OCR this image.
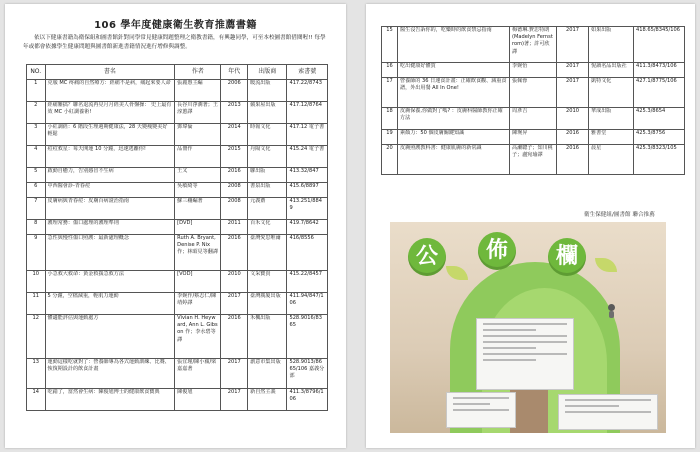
106 學年度健康衛生教育推薦書籍
依以下健康書籍為衛保組和圖書館針對同學常見健康問題整理之衛教書籍，有興趣同學，可至本校圖書館借閱喔!! 每學年或都會依據學生健康問題與圖書館新進書籍情況進行增修與調整。
NO.	書名	作者	年代	出版商	索書號
1	克服 MC 疼痛的自然療方：經痛不是病，痛起來要人命	張麗惠主編	2006	暖流出版	417.22/8743
2	經痛難搞？聯名退流再見月月經美人骨盤操： 史上最有效 MC 小紅調養術!	長谷川淨潤著；王淳蕙譯	2013	蘋果屋出版	417.12/8764
3	小紅調經：6 階段生理週期健康法，28 天變瘦變美好輕鬆	鄧瑋倫	2014	時報文化	417.12 電子書
4	痘痘救星：每天開運 10 分鐘，迅速逃離你!	品冊作	2015	丹陽文化	415.24 電子書
5	啟動自癒力，告別感冒不生病	王又	2016	聯出版	413.32/847
6	中西醫會診-青春痘	吳敏綺等	2008	書泉出版	415.6/8897
7	皮膚病與青春痘：皮膚百病證治指南	蘇三穰編著	2008	元義齋	413.251/8849
8	護理常務：傷口處理的護理準則	[DVD]	2011	百禾文化	419.7/8642
9	急性與慢性傷口照護：最新處理概念	Ruth A. Bryant, Denise P. Nix 作；林昭見等翻譯	2016	臺灣愛思唯爾	416/8556
10	小急救大救命：黃金救援急救方法	[VOD]	2010	文采寶貴	415.22/8457
11	5 分鐘，空檔減重，輕肌力運動	李婉作/蔡志仁/陳靖婷譯	2017	臺灣廣廈出版	411.94/847/106
12	體適能評估與運動處方	Vivian H. Heyward, Ann L. Gibson 作；李水碧等譯	2016	禾楓出版	528.9016/8365
13	運動這樣吃就對了：營養師專為各式運動訓練、比賽、恢復期設計的飲食計畫	張宜瑾/陳小蘋/梁嘉嘉著	2017	創意市集出版	528.9013/8665/106 嘉義分部
14	吃錯了，當然會生病：陳俊旭博士的健康飲食寶典	陳俊旭	2017	新自然主義	411.3/8796/106
15	醫生沒告訴你的，吃藥時的飲食禁忌指南	梅德琳.費思特朗(Madelyn Fernstrom)著；許可欣譯	2017	如果出版	418.65/8345/106
16	吃出健康好體質	李婉怡	2017	悅讀名品出版社	411.3/8473/106
17	營養師的 36 日速食計畫：正確飲食觀、減重食譜，外出用餐 All In One!	張佩蓉	2017	凱特文化	427.1/8775/106
18	皮膚保養,你做對了嗎? ：皮膚科醫師教你正確方法	周彥吉	2010	華成出版	425.3/8654
19	素顏力：50 個皮膚關鍵知識	陳琬昇	2016	雅書堂	425.3/8756
20	皮膚照護教科書：健康肌膚的新常識	高瀨聰子；知川桃子；盧宛瑜譯	2016	晨星	425.3/8323/105
衛生保健組/圖書館 聯合推薦
公	佈	欄
